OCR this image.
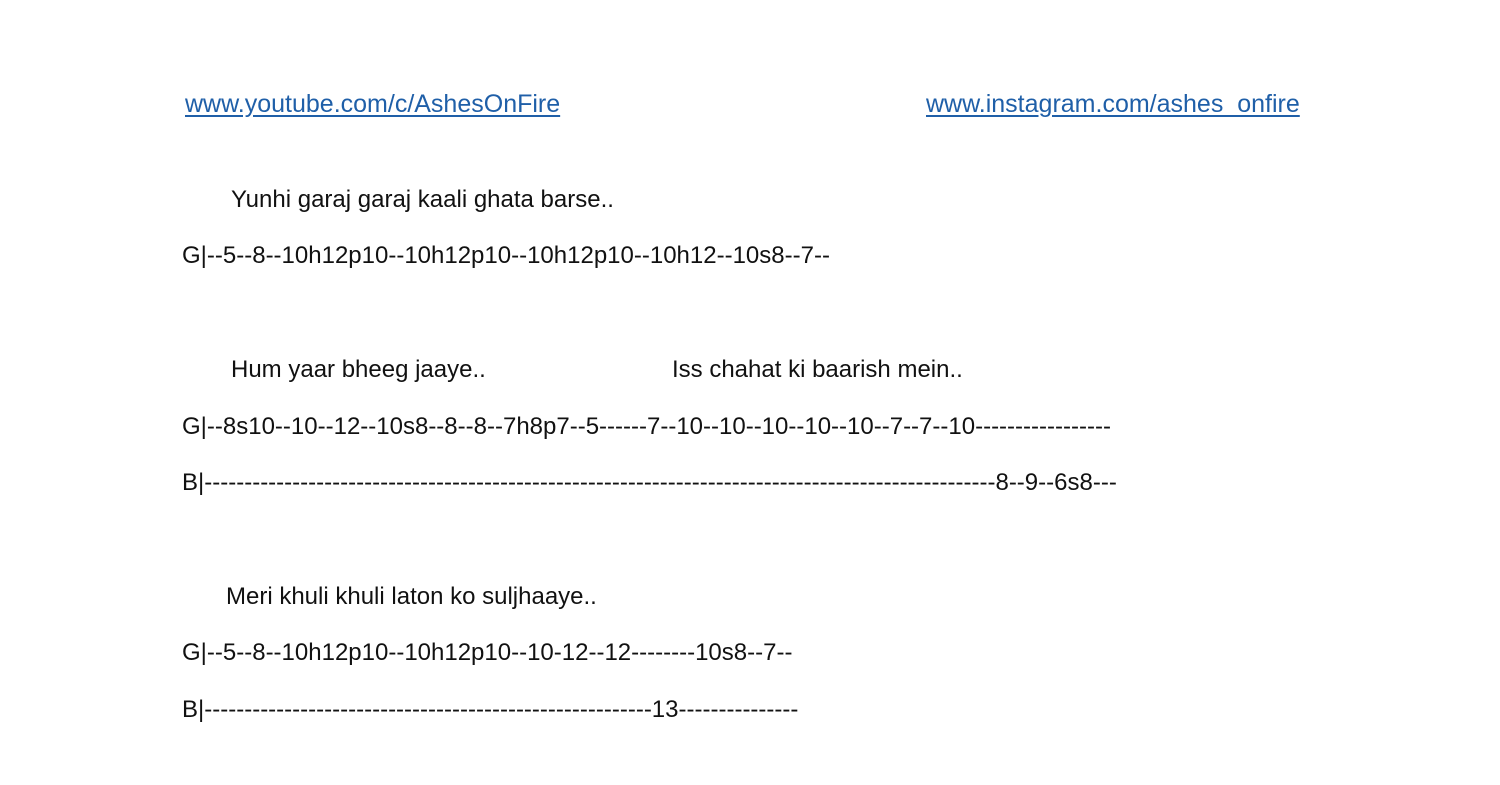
www.youtube.com/c/AshesOnFire	www.instagram.com/ashes_onfire
Yunhi garaj garaj kaali ghata barse..
G|--5--8--10h12p10--10h12p10--10h12p10--10h12--10s8--7--
Hum yaar bheeg jaaye..	Iss chahat ki baarish mein..
G|--8s10--10--12--10s8--8--8--7h8p7--5------7--10--10--10--10--10--7--7--10-----------------
B|---------------------------------------------------------------------------------------------------8--9--6s8---
Meri khuli khuli laton ko suljhaaye..
G|--5--8--10h12p10--10h12p10--10-12--12--------10s8--7--
B|--------------------------------------------------------13---------------
